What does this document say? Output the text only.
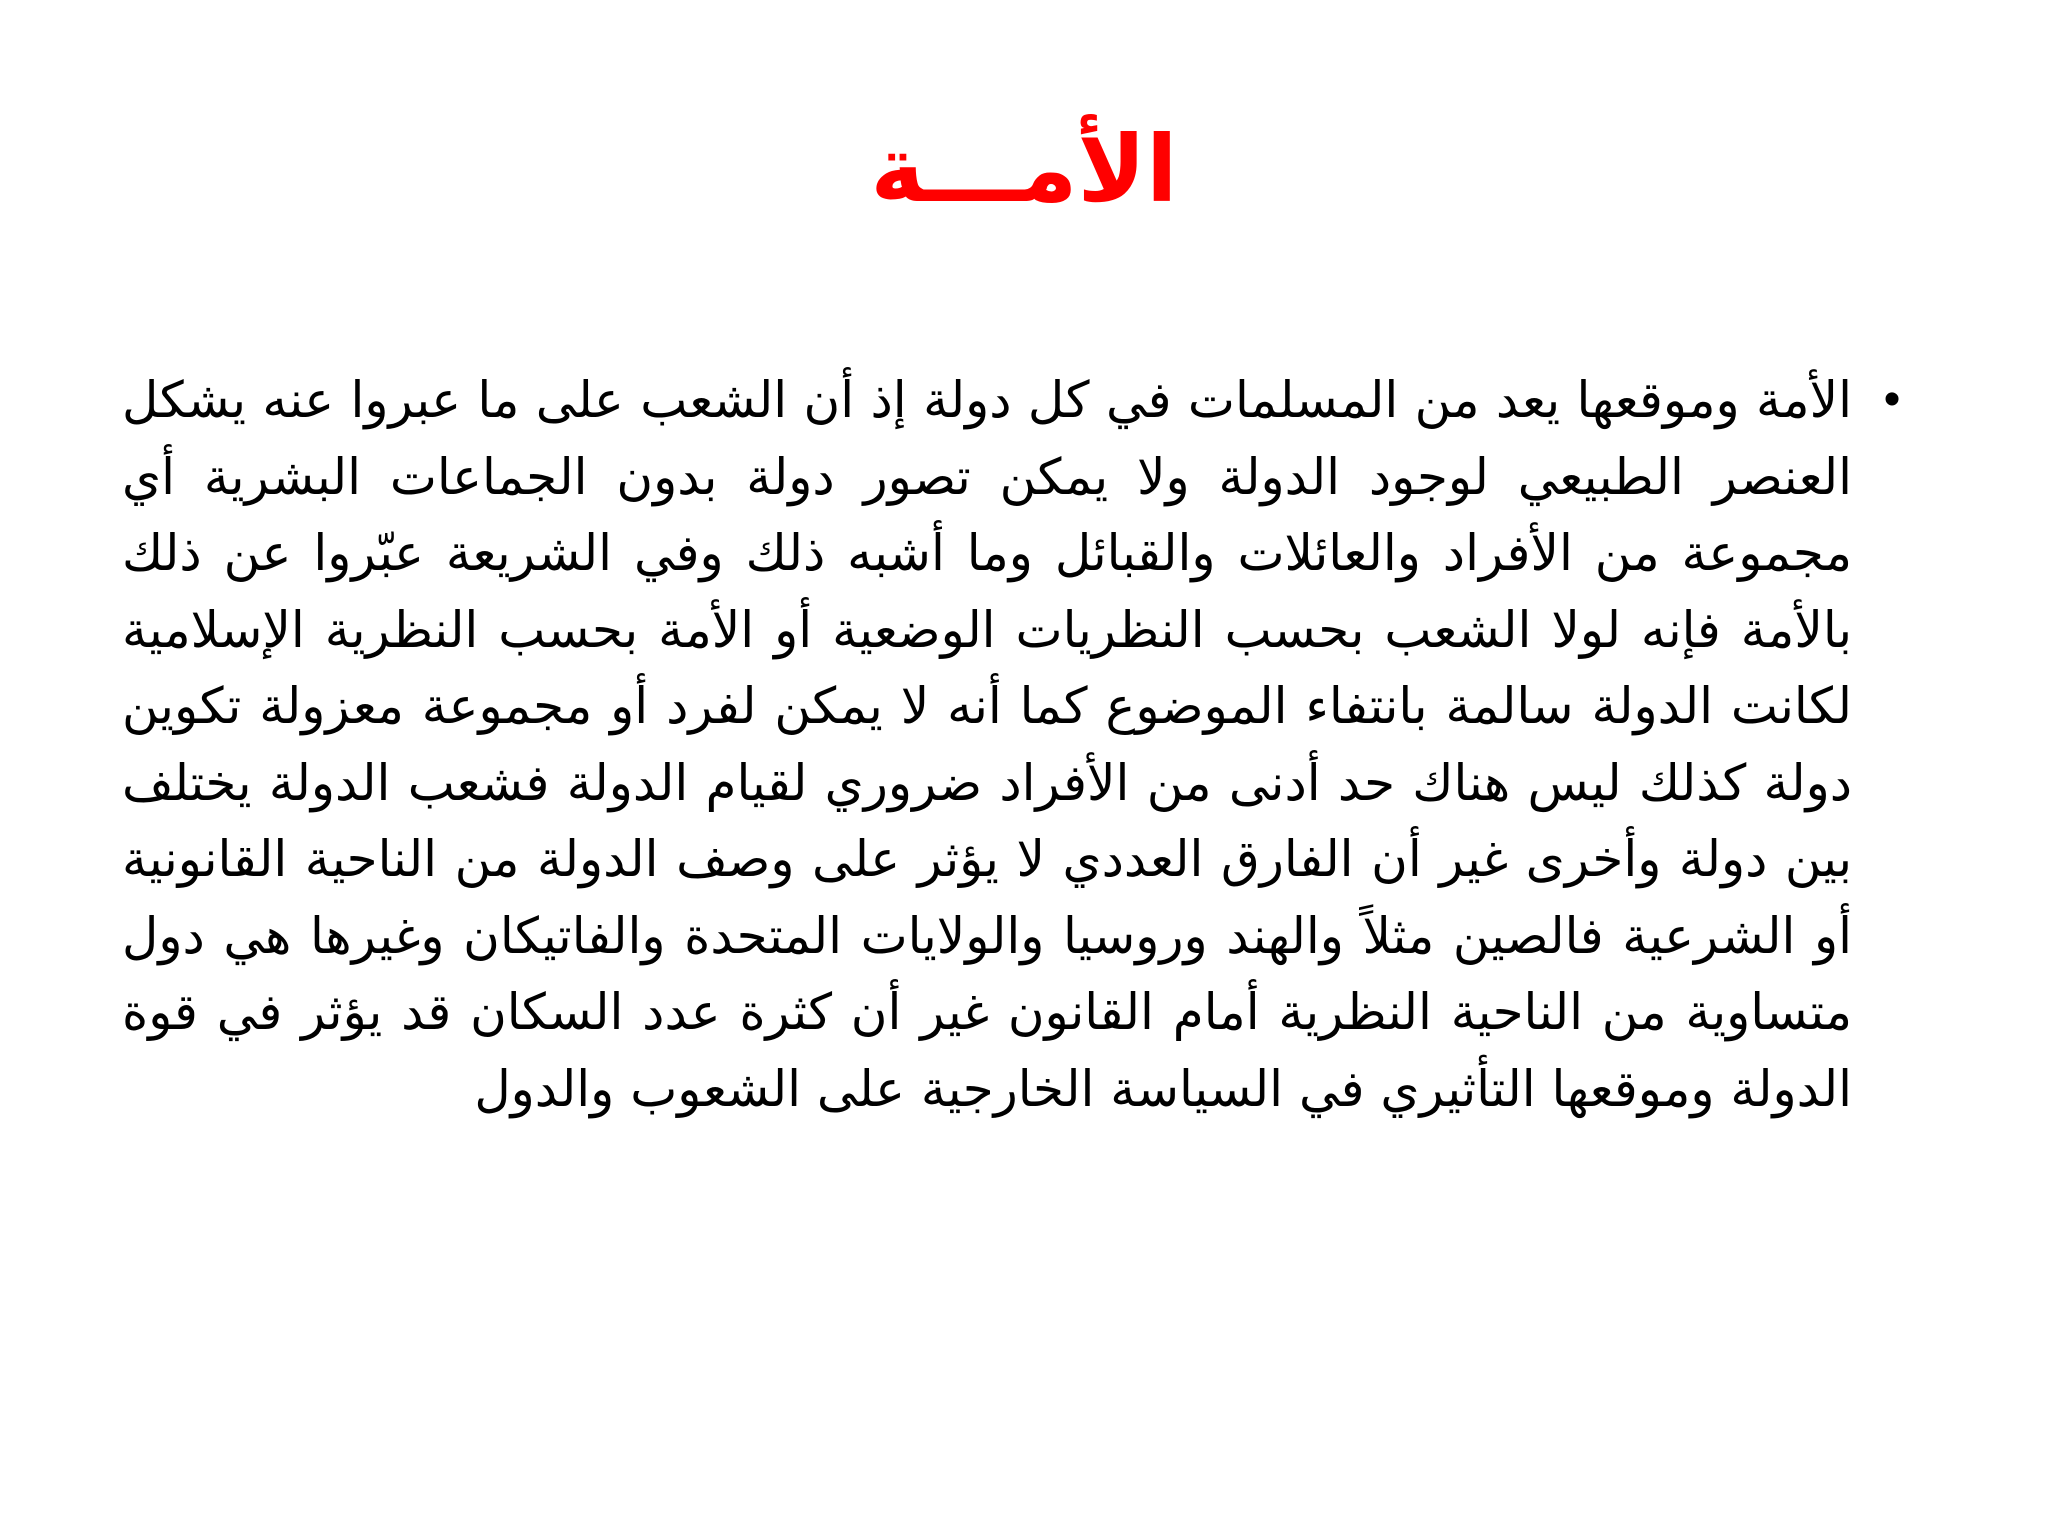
الأمـــة
•

الأمة وموقعها يعد من المسلمات في كل دولة إذ أن الشعب على ما عبروا عنه يشكل العنصر الطبيعي لوجود الدولة ولا يمكن تصور دولة بدون الجماعات البشرية أي مجموعة من الأفراد والعائلات والقبائل وما أشبه ذلك وفي الشريعة عبّروا عن ذلك بالأمة فإنه لولا الشعب بحسب النظريات الوضعية أو الأمة بحسب النظرية الإسلامية لكانت الدولة سالمة بانتفاء الموضوع كما أنه لا يمكن لفرد أو مجموعة معزولة تكوين دولة كذلك ليس هناك حد أدنى من الأفراد ضروري لقيام الدولة فشعب الدولة يختلف بين دولة وأخرى غير أن الفارق العددي لا يؤثر على وصف الدولة من الناحية القانونية أو الشرعية فالصين مثلاً والهند وروسيا والولايات المتحدة والفاتيكان وغيرها هي دول متساوية من الناحية النظرية أمام القانون غير أن كثرة عدد السكان قد يؤثر في قوة الدولة وموقعها التأثيري في السياسة الخارجية على الشعوب والدول
